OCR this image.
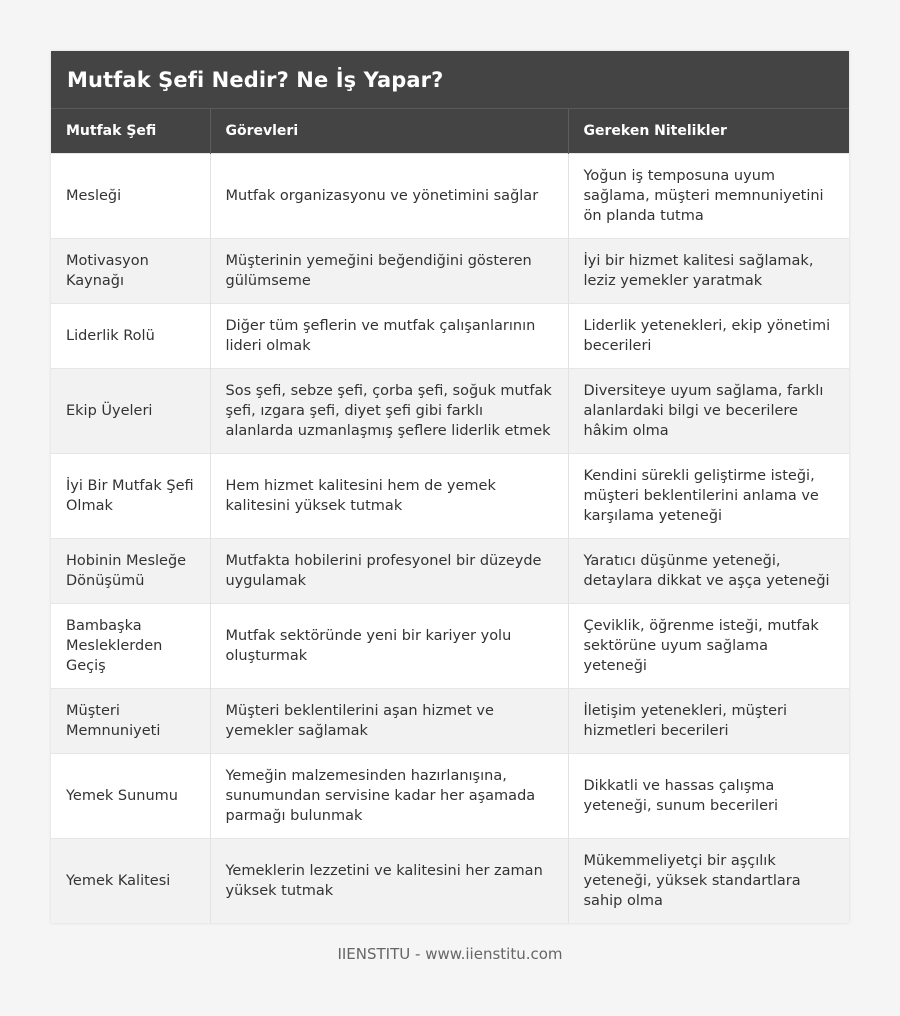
Mutfak Şefi Nedir? Ne İş Yapar?
Mutfak Şefi	Görevleri	Gereken Nitelikler
Mesleği	Mutfak organizasyonu ve yönetimini sağlar	Yoğun iş temposuna uyum sağlama, müşteri memnuniyetini ön planda tutma
Motivasyon Kaynağı	Müşterinin yemeğini beğendiğini gösteren gülümseme	İyi bir hizmet kalitesi sağlamak, leziz yemekler yaratmak
Liderlik Rolü	Diğer tüm şeflerin ve mutfak çalışanlarının lideri olmak	Liderlik yetenekleri, ekip yönetimi becerileri
Ekip Üyeleri	Sos şefi, sebze şefi, çorba şefi, soğuk mutfak şefi, ızgara şefi, diyet şefi gibi farklı alanlarda uzmanlaşmış şeflere liderlik etmek	Diversiteye uyum sağlama, farklı alanlardaki bilgi ve becerilere hâkim olma
İyi Bir Mutfak Şefi Olmak	Hem hizmet kalitesini hem de yemek kalitesini yüksek tutmak	Kendini sürekli geliştirme isteği, müşteri beklentilerini anlama ve karşılama yeteneği
Hobinin Mesleğe Dönüşümü	Mutfakta hobilerini profesyonel bir düzeyde uygulamak	Yaratıcı düşünme yeteneği, detaylara dikkat ve aşça yeteneği
Bambaşka Mesleklerden Geçiş	Mutfak sektöründe yeni bir kariyer yolu oluşturmak	Çeviklik, öğrenme isteği, mutfak sektörüne uyum sağlama yeteneği
Müşteri Memnuniyeti	Müşteri beklentilerini aşan hizmet ve yemekler sağlamak	İletişim yetenekleri, müşteri hizmetleri becerileri
Yemek Sunumu	Yemeğin malzemesinden hazırlanışına, sunumundan servisine kadar her aşamada parmağı bulunmak	Dikkatli ve hassas çalışma yeteneği, sunum becerileri
Yemek Kalitesi	Yemeklerin lezzetini ve kalitesini her zaman yüksek tutmak	Mükemmeliyetçi bir aşçılık yeteneği, yüksek standartlara sahip olma
IIENSTITU - www.iienstitu.com
